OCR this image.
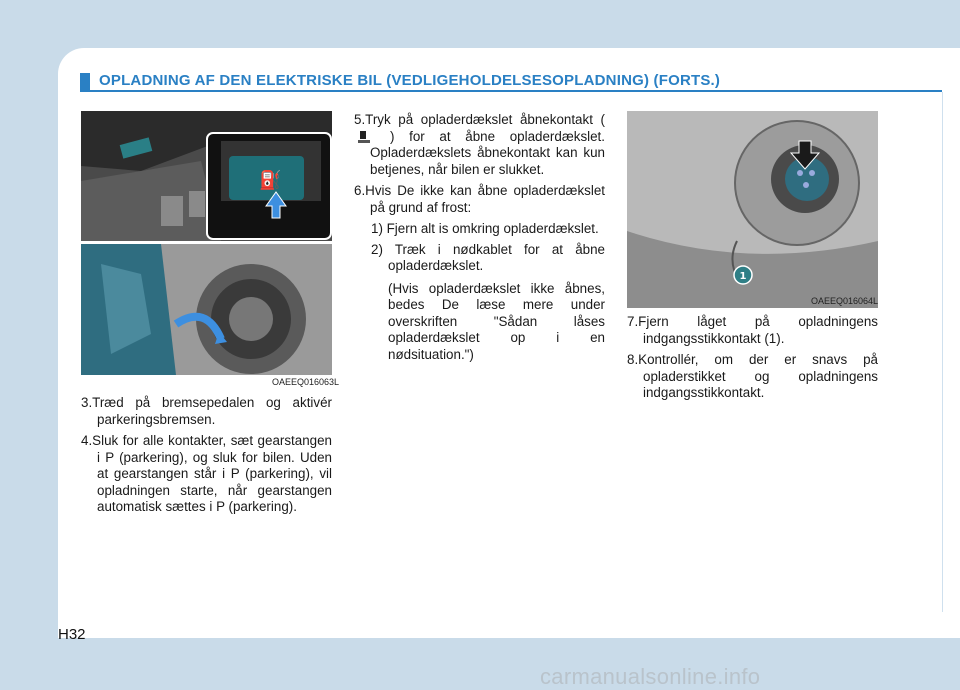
OPLADNING AF DEN ELEKTRISKE BIL (VEDLIGEHOLDELSESOPLADNING) (FORTS.)
⛽
OAEEQ016063L
1
OAEEQ016064L

3.Træd på bremsepedalen og aktivér parkeringsbremsen.

4.Sluk for alle kontakter, sæt gearstangen i P (parkering), og sluk for bilen. Uden at gearstangen står i P (parkering), vil opladningen starte, når gearstangen automatisk sættes i P (parkering).

5.Tryk på opladerdækslet åbnekontakt () for at åbne opladerdækslet. Opladerdækslets åbnekontakt kan kun betjenes, når bilen er slukket.

6.Hvis De ikke kan åbne opladerdækslet på grund af frost:

1) Fjern alt is omkring opladerdækslet.

2) Træk i nødkablet for at åbne opladerdækslet.

(Hvis opladerdækslet ikke åbnes, bedes De læse mere under overskriften "Sådan låses opladerdækslet op i en nødsituation.")

7.Fjern låget på opladningens indgangsstikkontakt (1).

8.Kontrollér, om der er snavs på opladerstikket og opladningens indgangsstikkontakt.

H32
carmanualsonline.info
